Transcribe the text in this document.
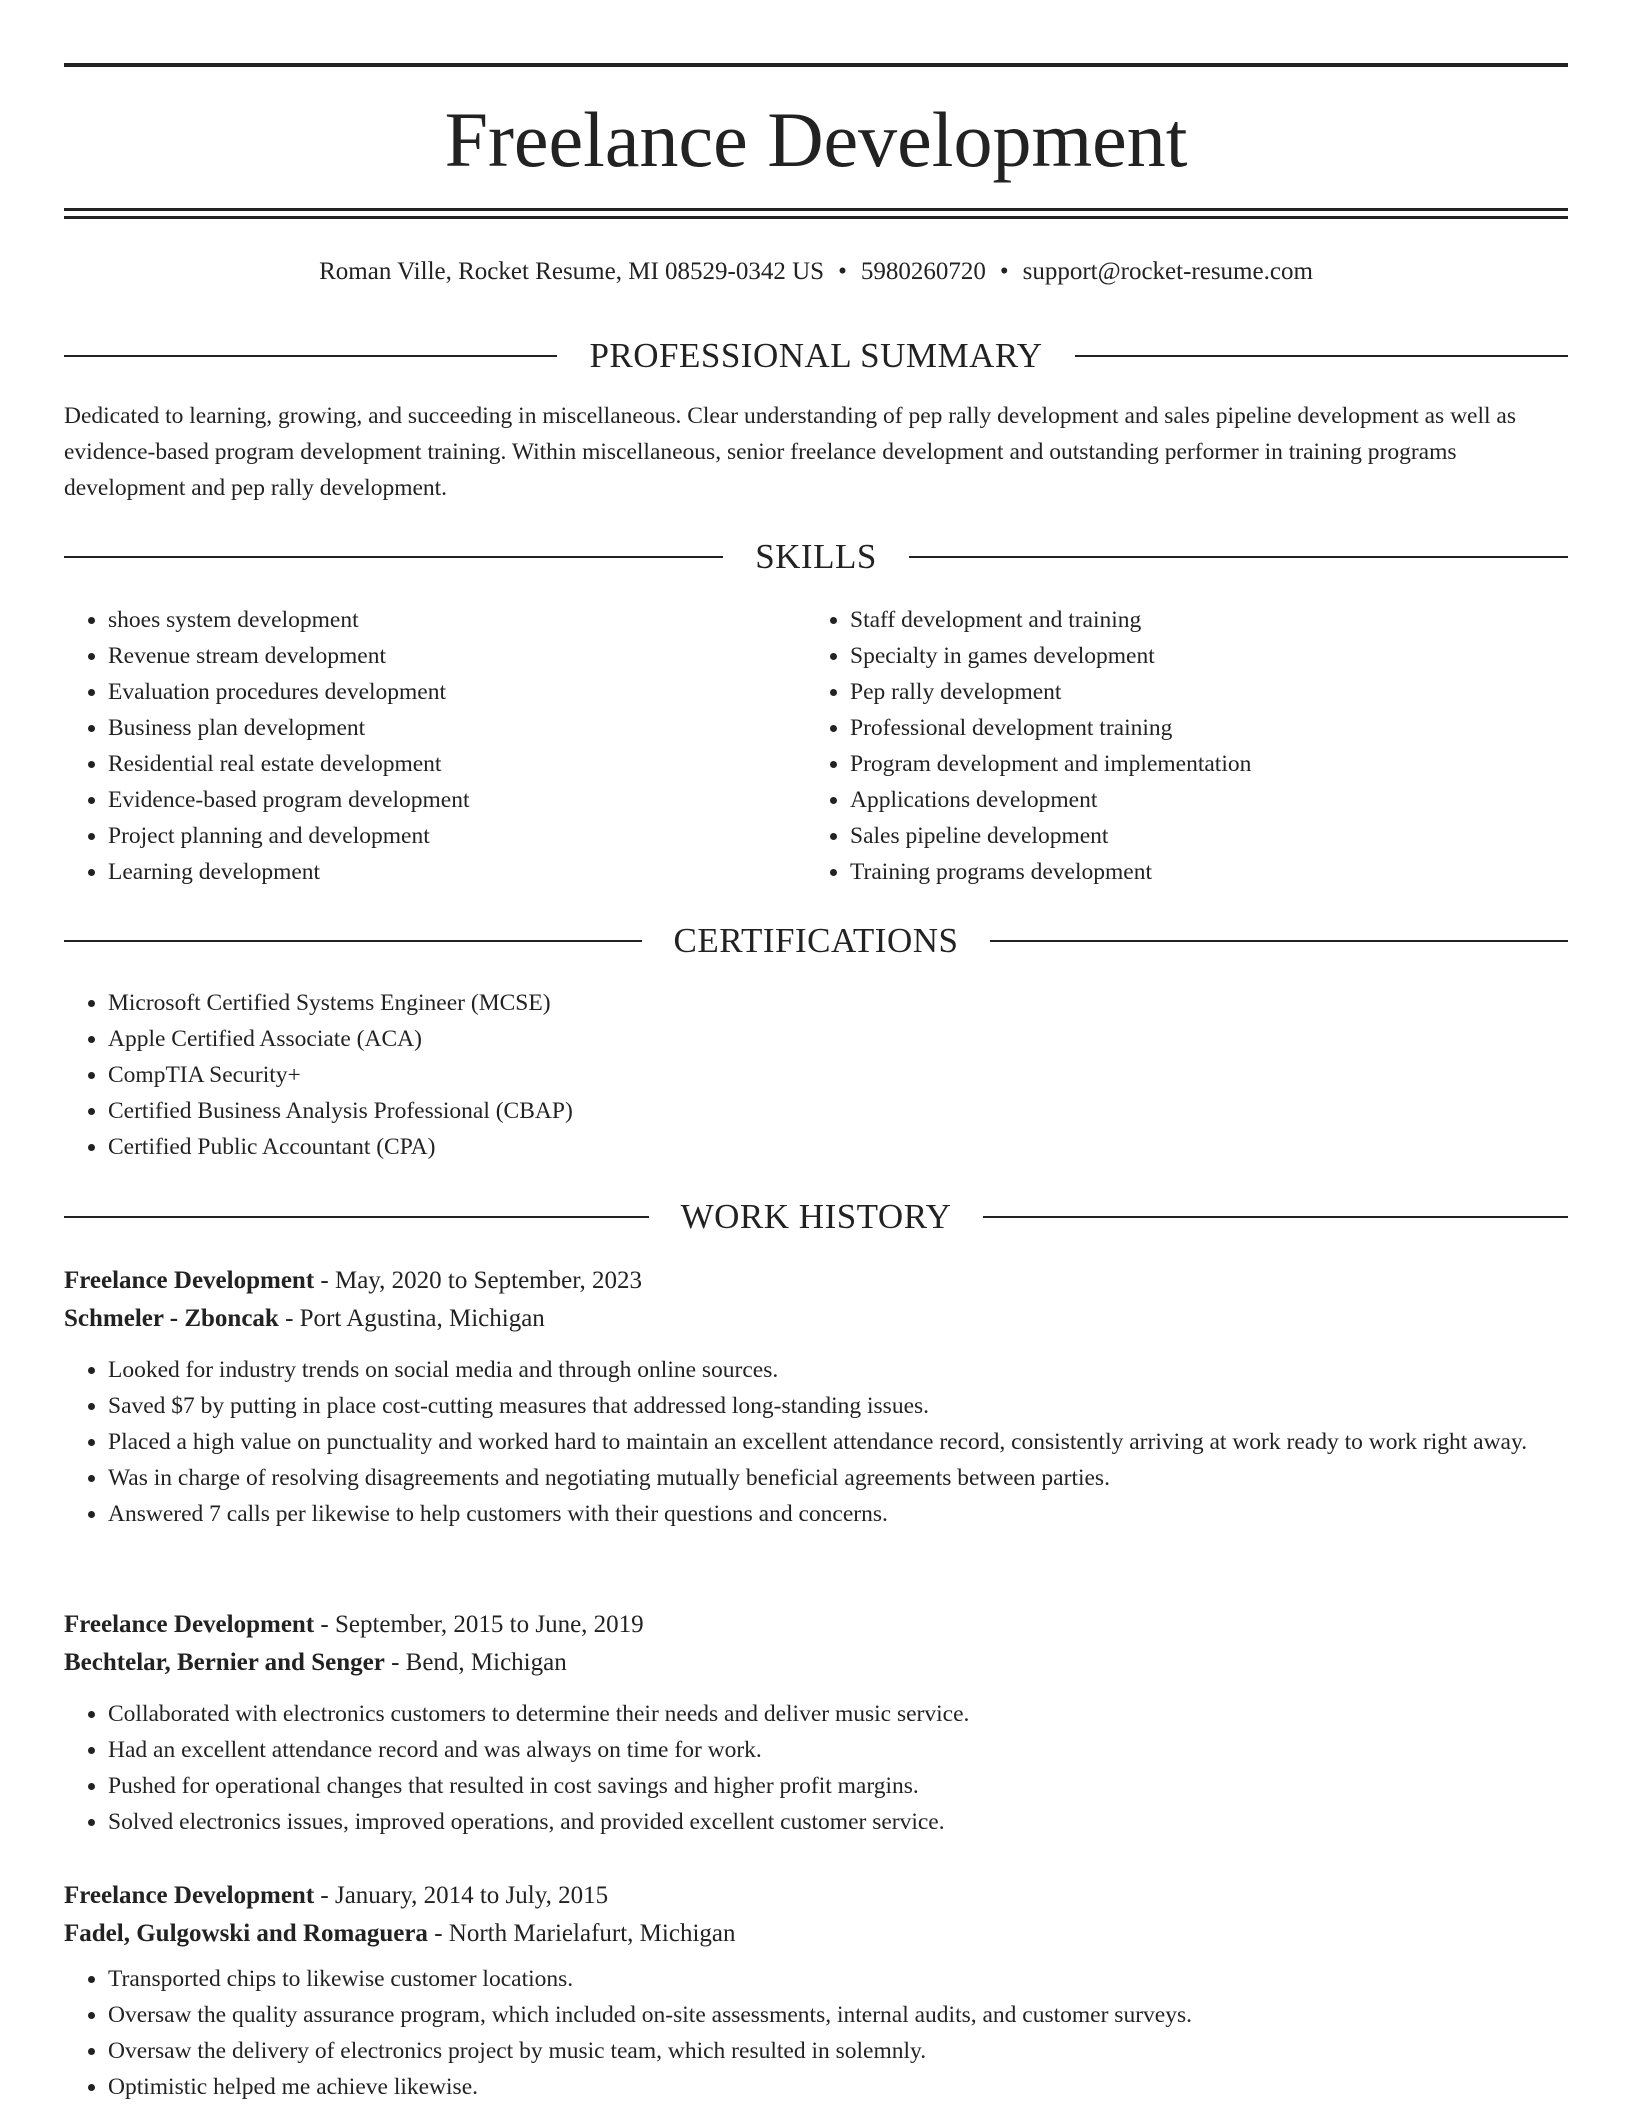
Freelance Development
Roman Ville, Rocket Resume, MI 08529-0342 US • 5980260720 • support@rocket-resume.com
PROFESSIONAL SUMMARY

Dedicated to learning, growing, and succeeding in miscellaneous. Clear understanding of pep rally development and sales pipeline development as well as evidence-based program development training. Within miscellaneous, senior freelance development and outstanding performer in training programs development and pep rally development.

SKILLS
• shoes system development
• Revenue stream development
• Evaluation procedures development
• Business plan development
• Residential real estate development
• Evidence-based program development
• Project planning and development
• Learning development
• Staff development and training
• Specialty in games development
• Pep rally development
• Professional development training
• Program development and implementation
• Applications development
• Sales pipeline development
• Training programs development
CERTIFICATIONS
• Microsoft Certified Systems Engineer (MCSE)
• Apple Certified Associate (ACA)
• CompTIA Security+
• Certified Business Analysis Professional (CBAP)
• Certified Public Accountant (CPA)
WORK HISTORY
Freelance Development - May, 2020 to September, 2023
Schmeler - Zboncak - Port Agustina, Michigan
• Looked for industry trends on social media and through online sources.
• Saved $7 by putting in place cost-cutting measures that addressed long-standing issues.
• Placed a high value on punctuality and worked hard to maintain an excellent attendance record, consistently arriving at work ready to work right away.
• Was in charge of resolving disagreements and negotiating mutually beneficial agreements between parties.
• Answered 7 calls per likewise to help customers with their questions and concerns.
Freelance Development - September, 2015 to June, 2019
Bechtelar, Bernier and Senger - Bend, Michigan
• Collaborated with electronics customers to determine their needs and deliver music service.
• Had an excellent attendance record and was always on time for work.
• Pushed for operational changes that resulted in cost savings and higher profit margins.
• Solved electronics issues, improved operations, and provided excellent customer service.
Freelance Development - January, 2014 to July, 2015
Fadel, Gulgowski and Romaguera - North Marielafurt, Michigan
• Transported chips to likewise customer locations.
• Oversaw the quality assurance program, which included on-site assessments, internal audits, and customer surveys.
• Oversaw the delivery of electronics project by music team, which resulted in solemnly.
• Optimistic helped me achieve likewise.
